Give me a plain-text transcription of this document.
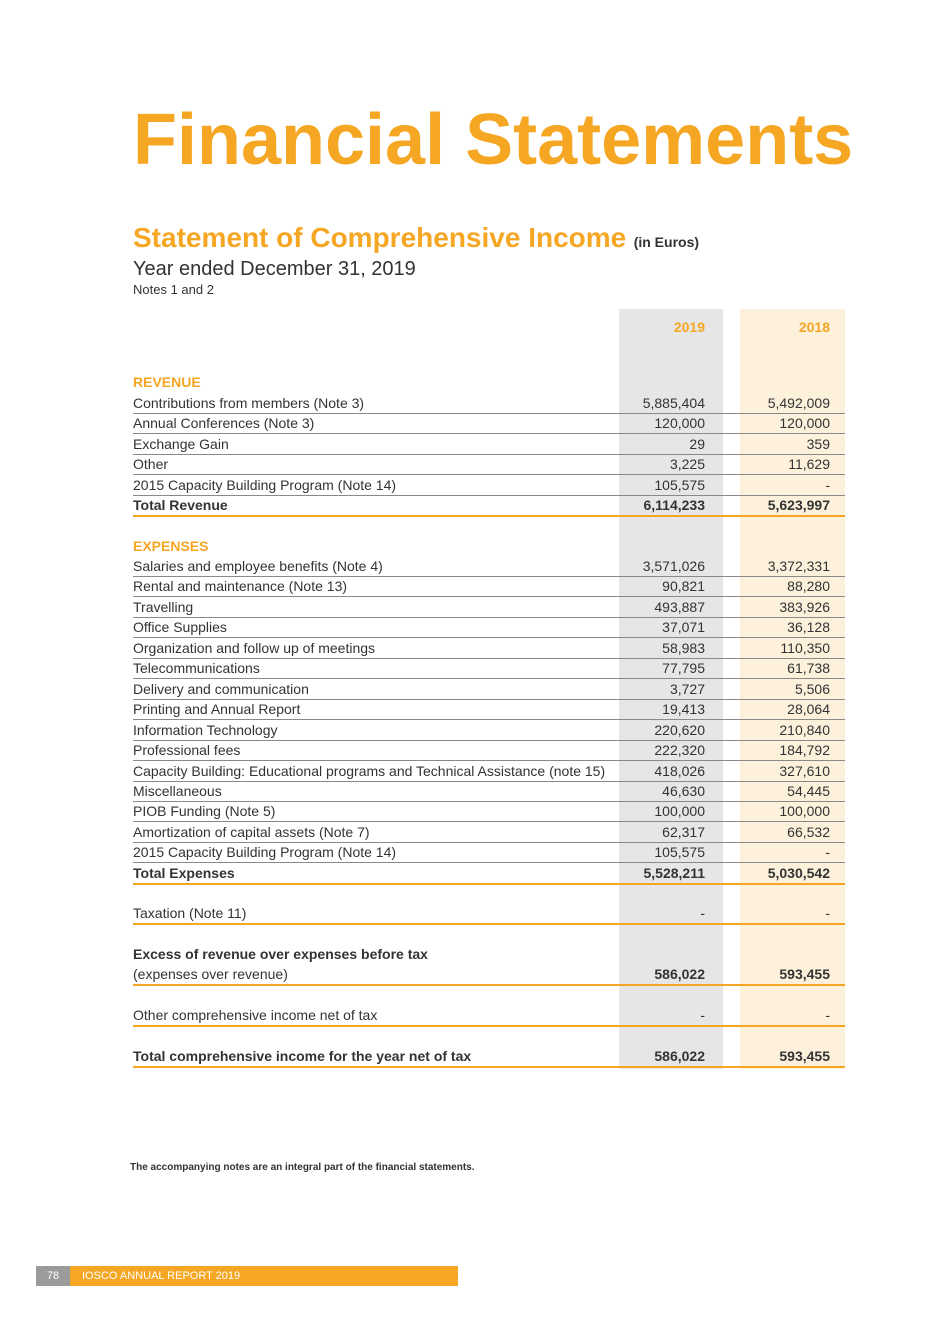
Financial Statements
Statement of Comprehensive Income (in Euros)
Year ended December 31, 2019
Notes 1 and 2
2019	2018
REVENUE
Contributions from members (Note 3)	5,885,404	5,492,009
Annual Conferences (Note 3)	120,000	120,000
Exchange Gain	29	359
Other	3,225	11,629
2015 Capacity Building Program (Note 14)	105,575	-
Total Revenue	6,114,233	5,623,997
EXPENSES
Salaries and employee benefits (Note 4)	3,571,026	3,372,331
Rental and maintenance (Note 13)	90,821	88,280
Travelling	493,887	383,926
Office Supplies	37,071	36,128
Organization and follow up of meetings	58,983	110,350
Telecommunications	77,795	61,738
Delivery and communication	3,727	5,506
Printing and Annual Report	19,413	28,064
Information Technology	220,620	210,840
Professional fees	222,320	184,792
Capacity Building: Educational programs and Technical Assistance (note 15)	418,026	327,610
Miscellaneous	46,630	54,445
PIOB Funding (Note 5)	100,000	100,000
Amortization of capital assets (Note 7)	62,317	66,532
2015 Capacity Building Program (Note 14)	105,575	-
Total Expenses	5,528,211	5,030,542
Taxation (Note 11)	-	-
Excess of revenue over expenses before tax
(expenses over revenue)	586,022	593,455
Other comprehensive income net of tax	-	-
Total comprehensive income for the year net of tax	586,022	593,455
The accompanying notes are an integral part of the financial statements.
78	IOSCO ANNUAL REPORT 2019
